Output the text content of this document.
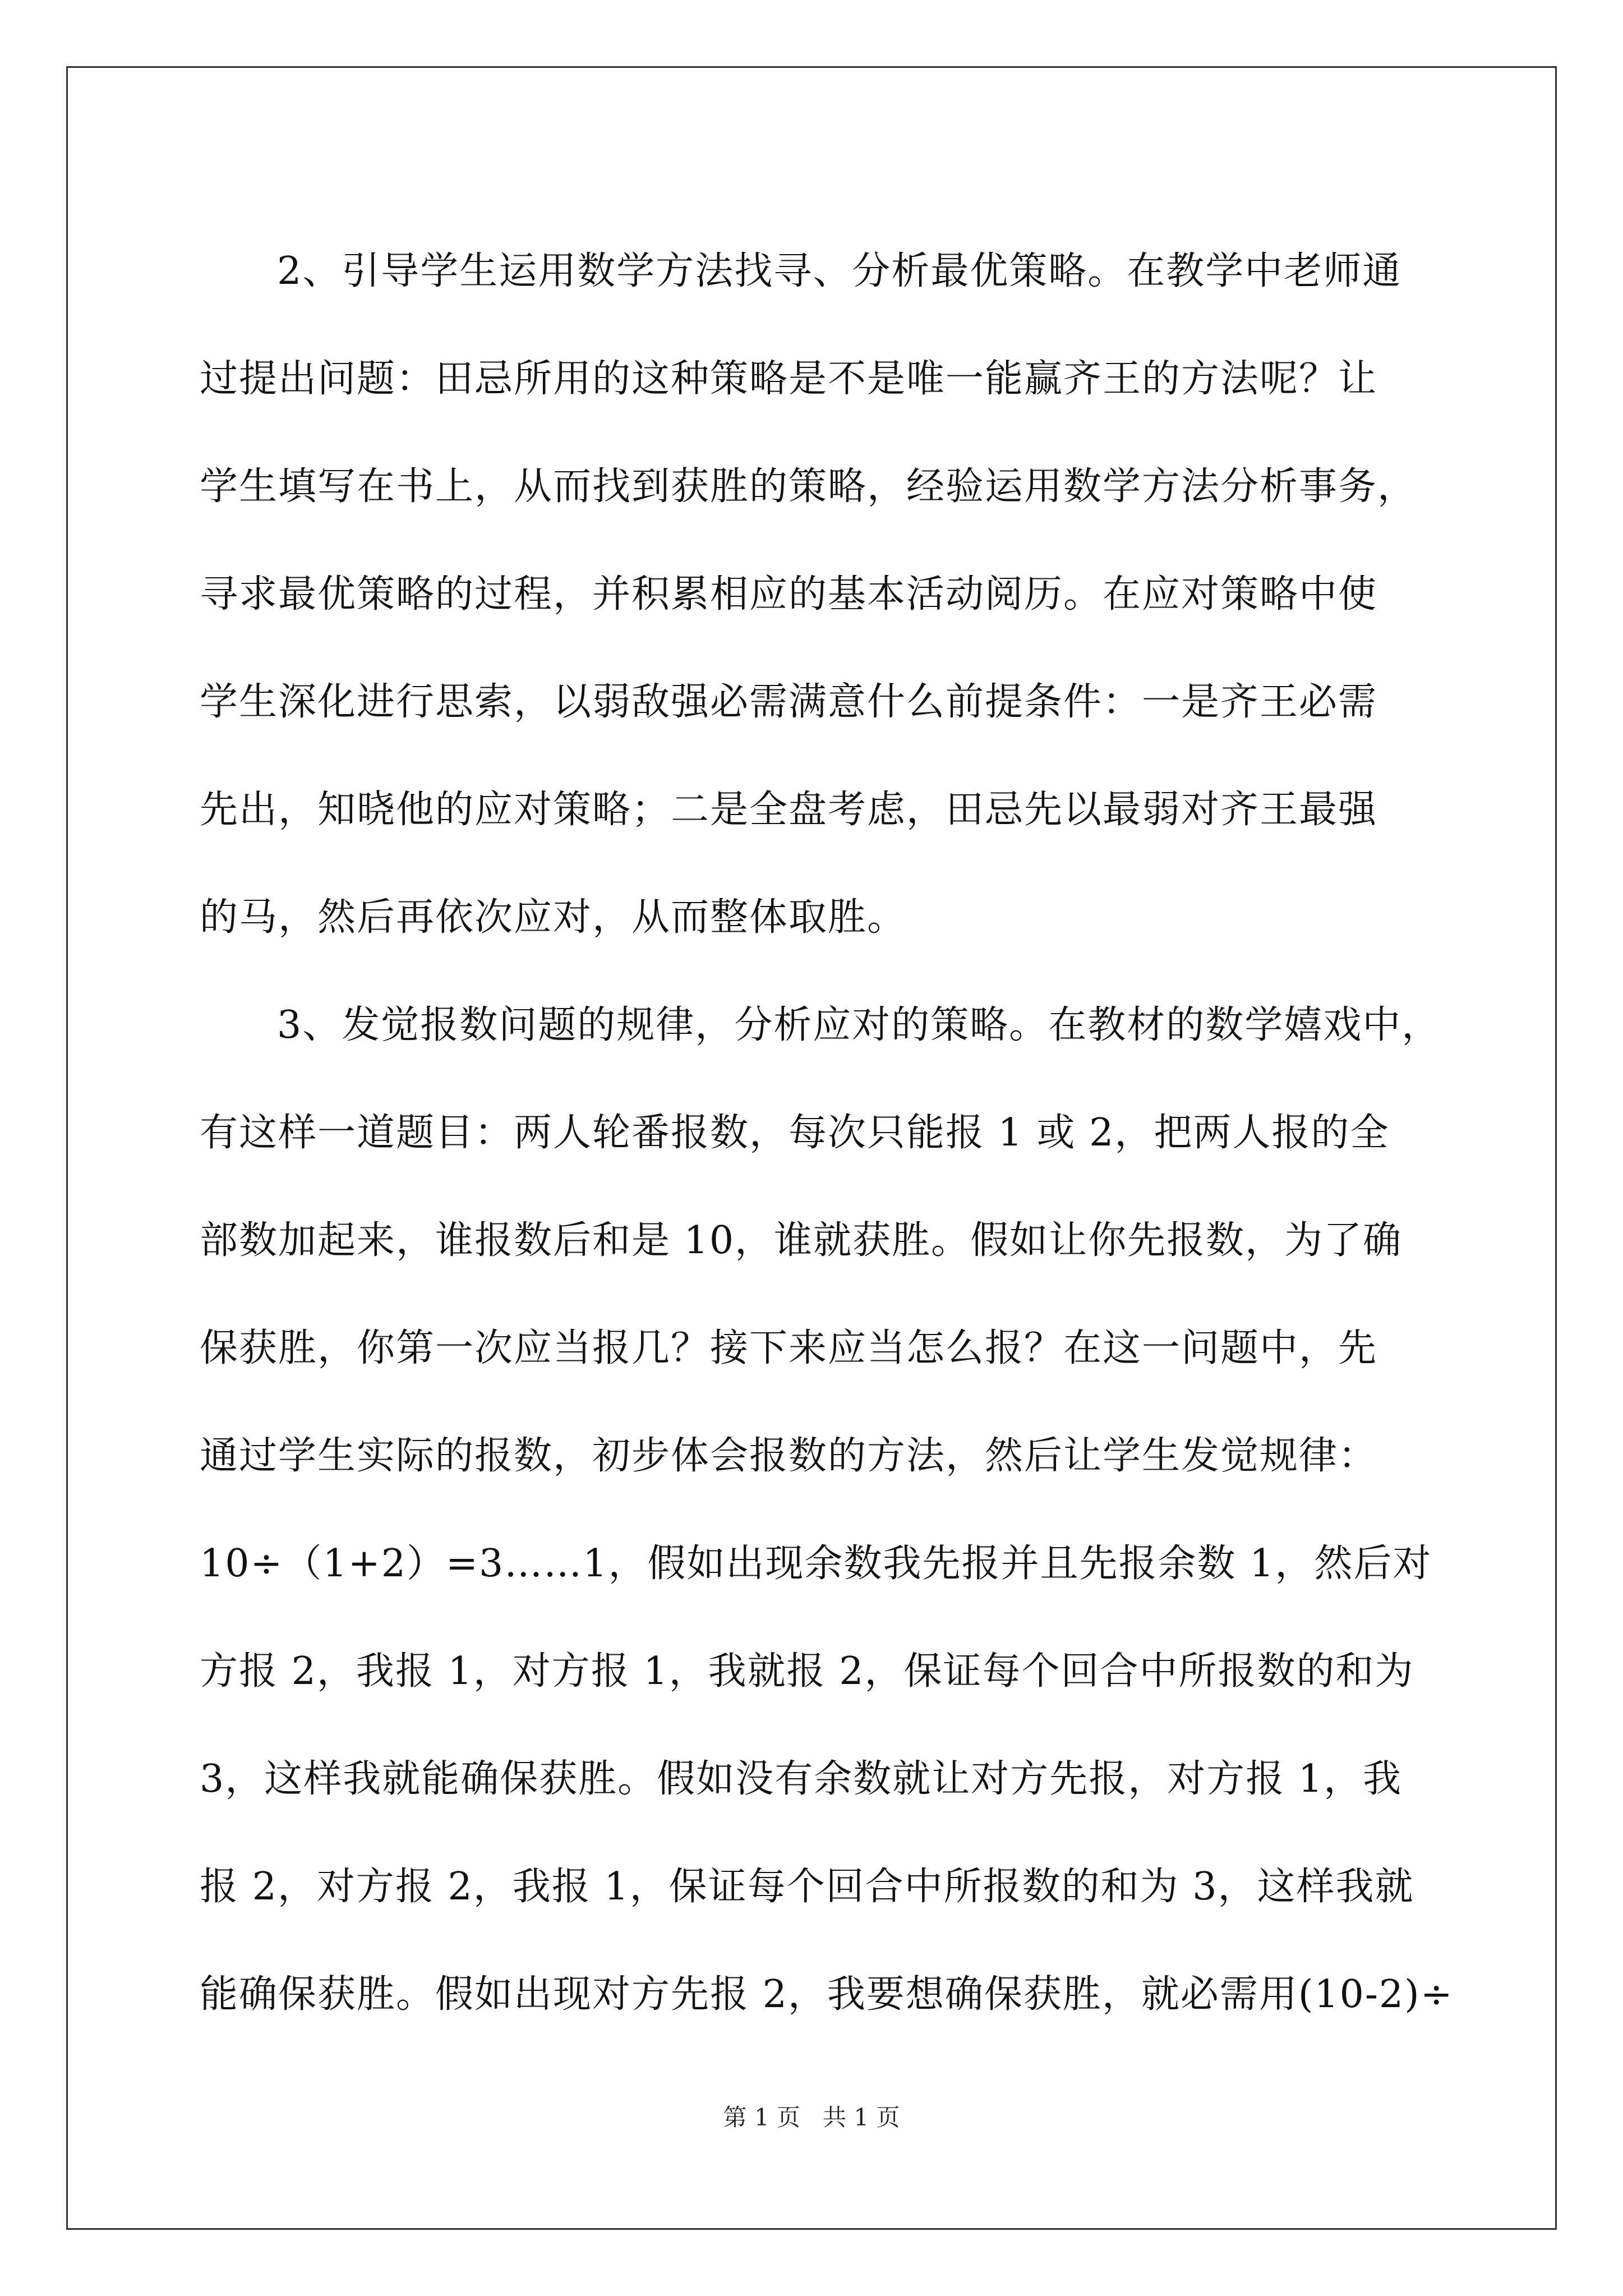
2、引导学生运用数学方法找寻、分析最优策略。在教学中老师通
过提出问题：田忌所用的这种策略是不是唯一能赢齐王的方法呢？让
学生填写在书上，从而找到获胜的策略，经验运用数学方法分析事务，
寻求最优策略的过程，并积累相应的基本活动阅历。在应对策略中使
学生深化进行思索，以弱敌强必需满意什么前提条件：一是齐王必需
先出，知晓他的应对策略；二是全盘考虑，田忌先以最弱对齐王最强
的马，然后再依次应对，从而整体取胜。
3、发觉报数问题的规律，分析应对的策略。在教材的数学嬉戏中，
有这样一道题目：两人轮番报数，每次只能报 1 或 2，把两人报的全
部数加起来，谁报数后和是 10，谁就获胜。假如让你先报数，为了确
保获胜，你第一次应当报几？接下来应当怎么报？在这一问题中，先
通过学生实际的报数，初步体会报数的方法，然后让学生发觉规律：
10÷（1+2）=3……1，假如出现余数我先报并且先报余数 1，然后对
方报 2，我报 1，对方报 1，我就报 2，保证每个回合中所报数的和为
3，这样我就能确保获胜。假如没有余数就让对方先报，对方报 1，我
报 2，对方报 2，我报 1，保证每个回合中所报数的和为 3，这样我就
能确保获胜。假如出现对方先报 2，我要想确保获胜，就必需用(10-2)÷
第 1 页 共 1 页
